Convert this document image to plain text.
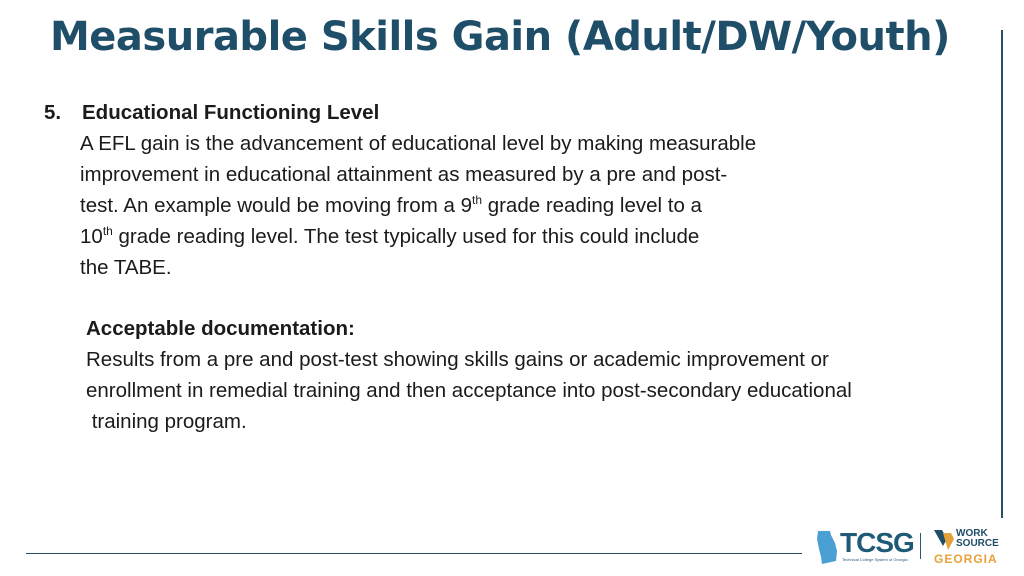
Measurable Skills Gain (Adult/DW/Youth)
5. Educational Functioning Level
A EFL gain is the advancement of educational level by making measurable
improvement in educational attainment as measured by a pre and post-
test. An example would be moving from a 9th grade reading level to a
10th grade reading level. The test typically used for this could include
the TABE.
Acceptable documentation:
Results from a pre and post-test showing skills gains or academic improvement or
enrollment in remedial training and then acceptance into post-secondary educational
training program.
TCSG
Technical College System of Georgia
WORK
SOURCE
GEORGIA
